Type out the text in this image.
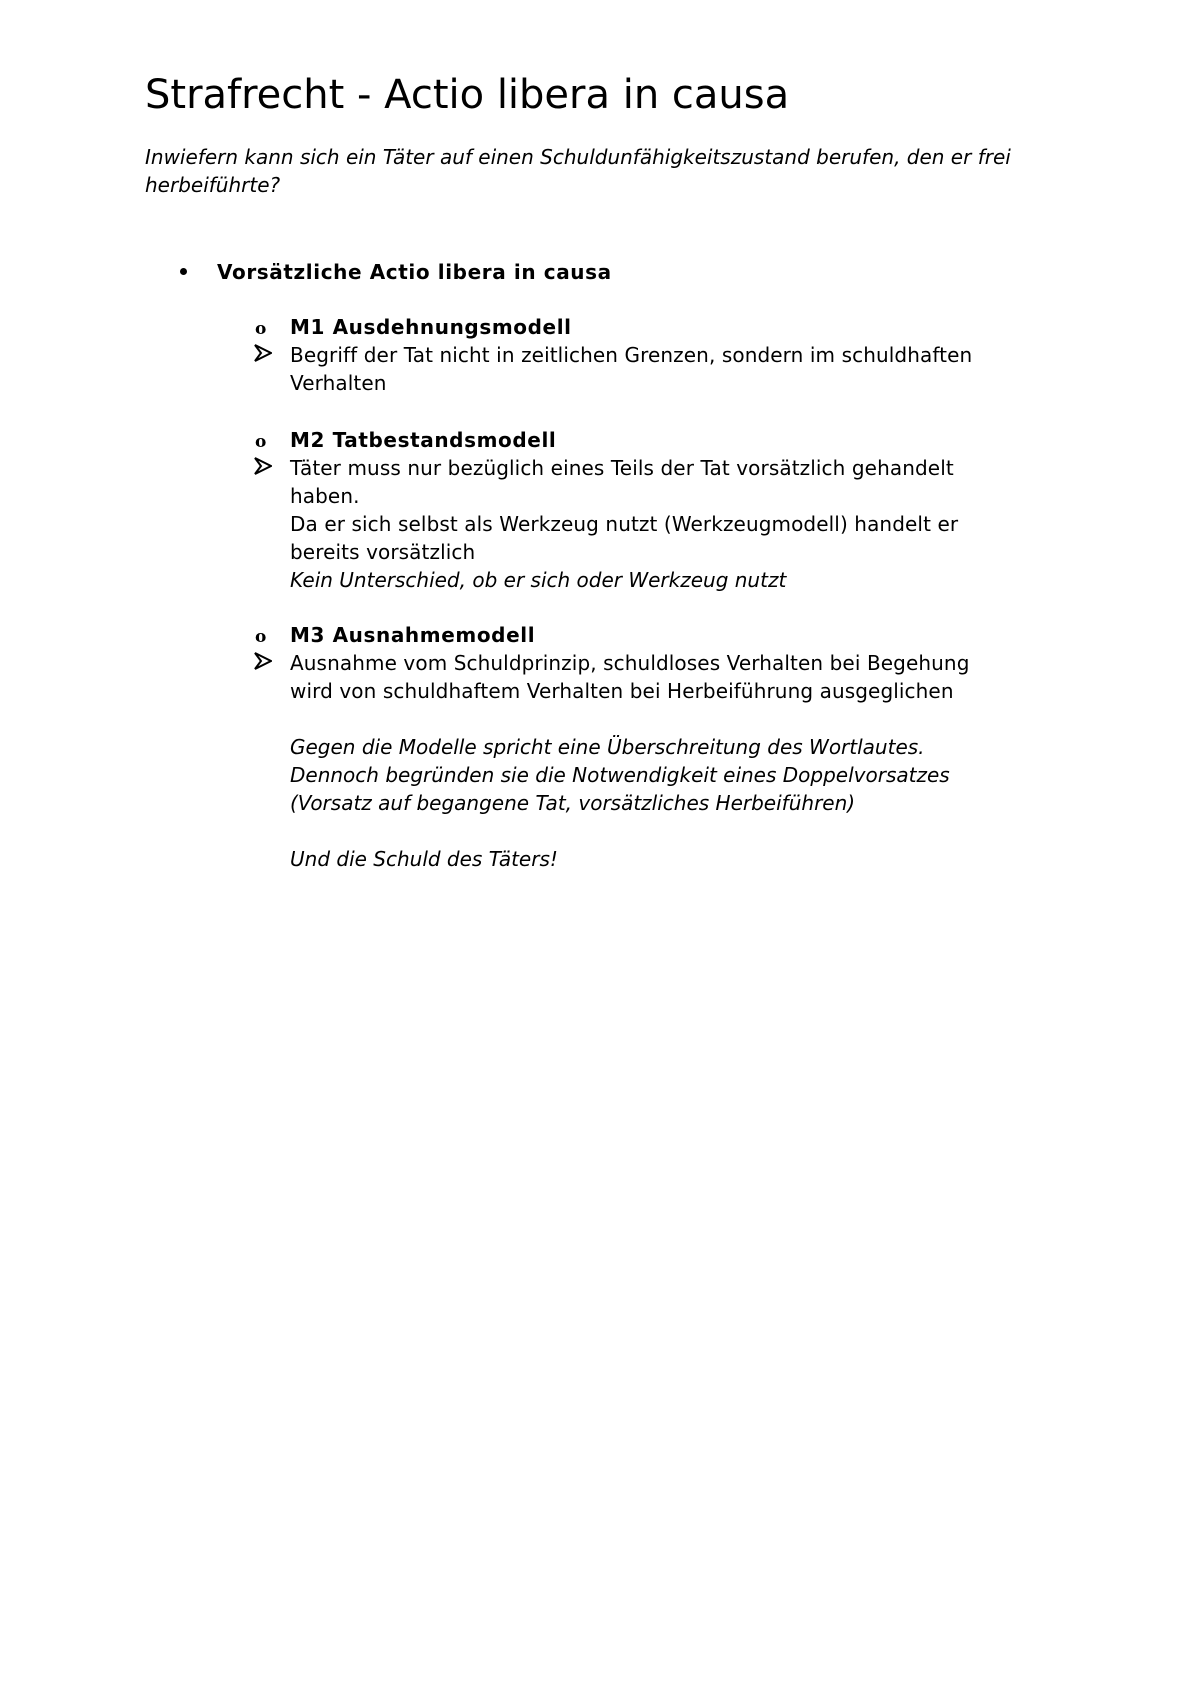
Strafrecht - Actio libera in causa

Inwiefern kann sich ein Täter auf einen Schuldunfähigkeitszustand berufen, den er frei herbeiführte?

Vorsätzliche Actio libera in causa
o M1 Ausdehnungsmodell
Begriff der Tat nicht in zeitlichen Grenzen, sondern im schuldhaften
Verhalten
o M2 Tatbestandsmodell
Täter muss nur bezüglich eines Teils der Tat vorsätzlich gehandelt
haben.
Da er sich selbst als Werkzeug nutzt (Werkzeugmodell) handelt er
bereits vorsätzlich
Kein Unterschied, ob er sich oder Werkzeug nutzt
o M3 Ausnahmemodell
Ausnahme vom Schuldprinzip, schuldloses Verhalten bei Begehung
wird von schuldhaftem Verhalten bei Herbeiführung ausgeglichen
Gegen die Modelle spricht eine Überschreitung des Wortlautes.
Dennoch begründen sie die Notwendigkeit eines Doppelvorsatzes
(Vorsatz auf begangene Tat, vorsätzliches Herbeiführen)
Und die Schuld des Täters!
